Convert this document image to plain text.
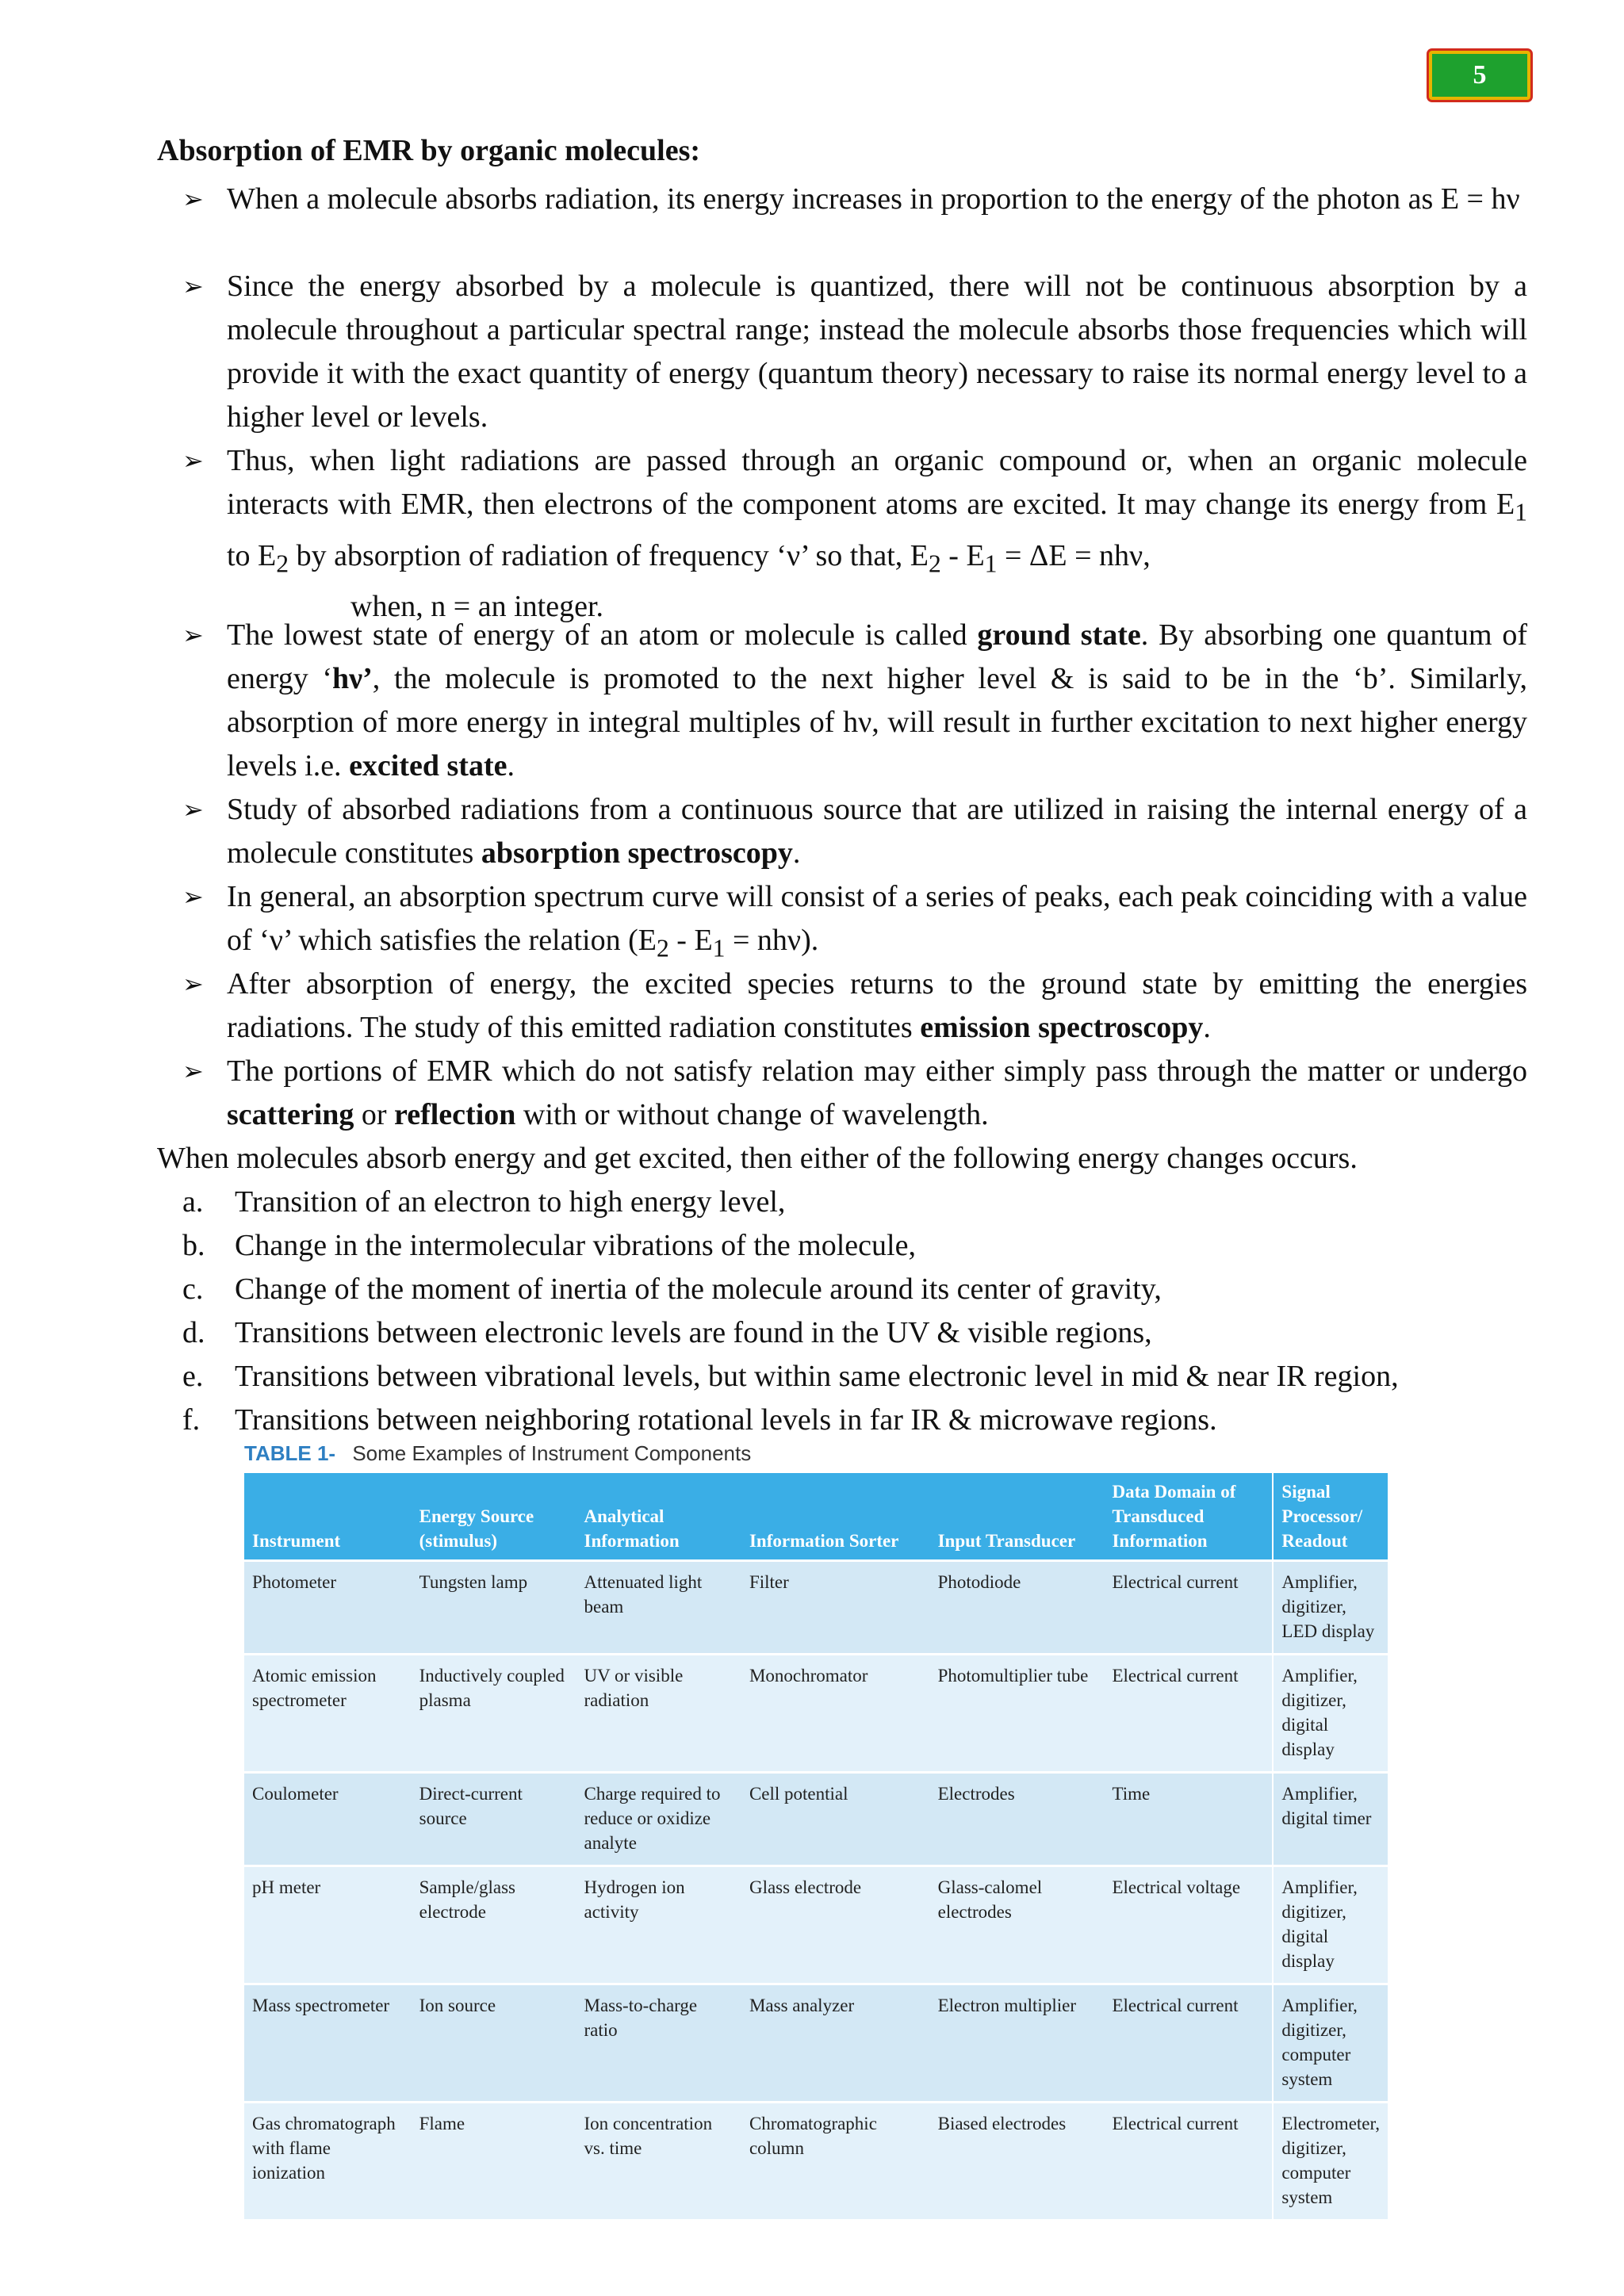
5
Absorption of EMR by organic molecules:
➢ When a molecule absorbs radiation, its energy increases in proportion to the energy of the photon as E = hν

➢ Since the energy absorbed by a molecule is quantized, there will not be continuous absorption by a molecule throughout a particular spectral range; instead the molecule absorbs those frequencies which will provide it with the exact quantity of energy (quantum theory) necessary to raise its normal energy level to a higher level or levels.

➢ Thus, when light radiations are passed through an organic compound or, when an organic molecule interacts with EMR, then electrons of the component atoms are excited. It may change its energy from $E_1$ to $E_2$ by absorption of radiation of frequency ‘ν’ so that, $E_2 - E_1 = \Delta E = nh\nu$,

when, n = an integer.

➢ The lowest state of energy of an atom or molecule is called ground state. By absorbing one quantum of energy ‘hν’, the molecule is promoted to the next higher level & is said to be in the ‘b’. Similarly, absorption of more energy in integral multiples of hν, will result in further excitation to next higher energy levels i.e. excited state.

➢ Study of absorbed radiations from a continuous source that are utilized in raising the internal energy of a molecule constitutes absorption spectroscopy.

➢ In general, an absorption spectrum curve will consist of a series of peaks, each peak coinciding with a value of ‘ν’ which satisfies the relation $(E_2 - E_1 = nh\nu)$.

➢ After absorption of energy, the excited species returns to the ground state by emitting the energies radiations. The study of this emitted radiation constitutes emission spectroscopy.

➢ The portions of EMR which do not satisfy relation may either simply pass through the matter or undergo scattering or reflection with or without change of wavelength.

When molecules absorb energy and get excited, then either of the following energy changes occurs.
a.	Transition of an electron to high energy level,
b. Change in the intermolecular vibrations of the molecule,
c.	Change of the moment of inertia of the molecule around its center of gravity,
d. Transitions between electronic levels are found in the UV & visible regions,
e.	Transitions between vibrational levels, but within same electronic level in mid & near IR region,
f.	Transitions between neighboring rotational levels in far IR & microwave regions.
TABLE 1- Some Examples of Instrument Components
Instrument	Energy Source (stimulus)	Analytical Information	Information Sorter	Input Transducer	Data Domain of Transduced Information	Signal Processor/ Readout
Photometer	Tungsten lamp	Attenuated light beam	Filter	Photodiode	Electrical current	Amplifier, digitizer, LED display
Atomic emission spectrometer	Inductively coupled plasma	UV or visible radiation	Monochromator	Photomultiplier tube	Electrical current	Amplifier, digitizer, digital display
Coulometer	Direct-current source	Charge required to reduce or oxidize analyte	Cell potential	Electrodes	Time	Amplifier, digital timer
pH meter	Sample/glass electrode	Hydrogen ion activity	Glass electrode	Glass-calomel electrodes	Electrical voltage	Amplifier, digitizer, digital display
Mass spectrometer	Ion source	Mass-to-charge ratio	Mass analyzer	Electron multiplier	Electrical current	Amplifier, digitizer, computer system
Gas chromatograph with flame ionization	Flame	Ion concentration vs. time	Chromatographic column	Biased electrodes	Electrical current	Electrometer, digitizer, computer system
